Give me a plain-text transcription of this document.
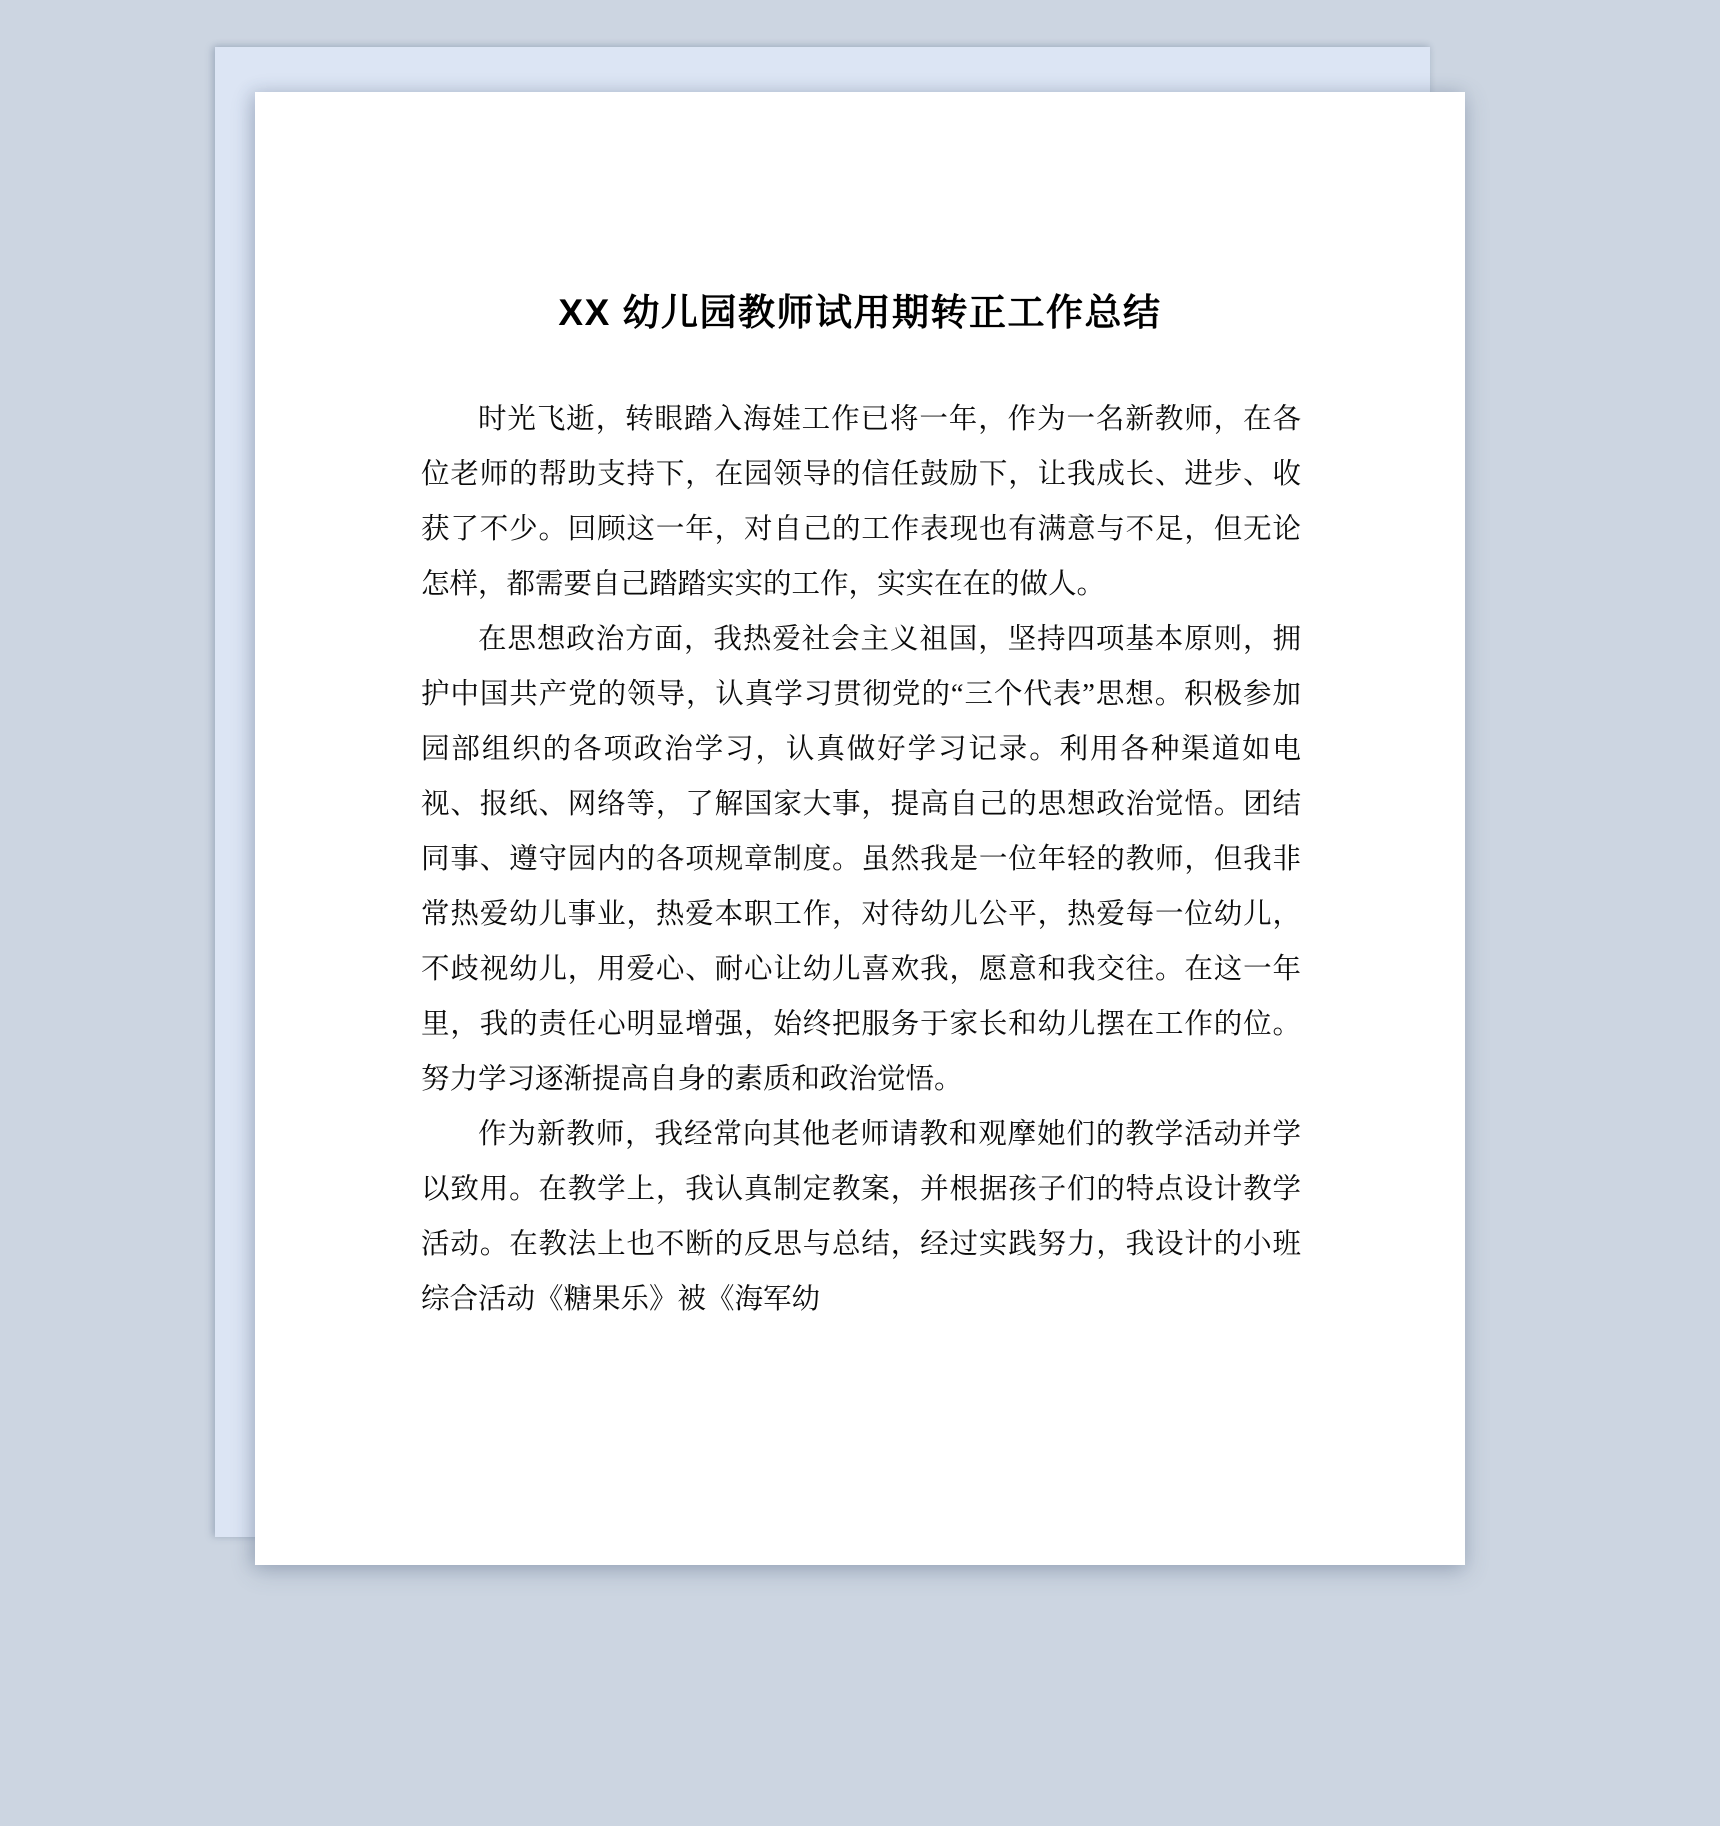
XX 幼儿园教师试用期转正工作总结

时光飞逝，转眼踏入海娃工作已将一年，作为一名新教师，在各位老师的帮助支持下，在园领导的信任鼓励下，让我成长、进步、收获了不少。回顾这一年，对自己的工作表现也有满意与不足，但无论怎样，都需要自己踏踏实实的工作，实实在在的做人。

在思想政治方面，我热爱社会主义祖国，坚持四项基本原则，拥护中国共产党的领导，认真学习贯彻党的“三个代表”思想。积极参加园部组织的各项政治学习，认真做好学习记录。利用各种渠道如电视、报纸、网络等，了解国家大事，提高自己的思想政治觉悟。团结同事、遵守园内的各项规章制度。虽然我是一位年轻的教师，但我非常热爱幼儿事业，热爱本职工作，对待幼儿公平，热爱每一位幼儿，不歧视幼儿，用爱心、耐心让幼儿喜欢我，愿意和我交往。在这一年里，我的责任心明显增强，始终把服务于家长和幼儿摆在工作的位。努力学习逐渐提高自身的素质和政治觉悟。

作为新教师，我经常向其他老师请教和观摩她们的教学活动并学以致用。在教学上，我认真制定教案，并根据孩子们的特点设计教学活动。在教法上也不断的反思与总结，经过实践努力，我设计的小班综合活动《糖果乐》被《海军幼
